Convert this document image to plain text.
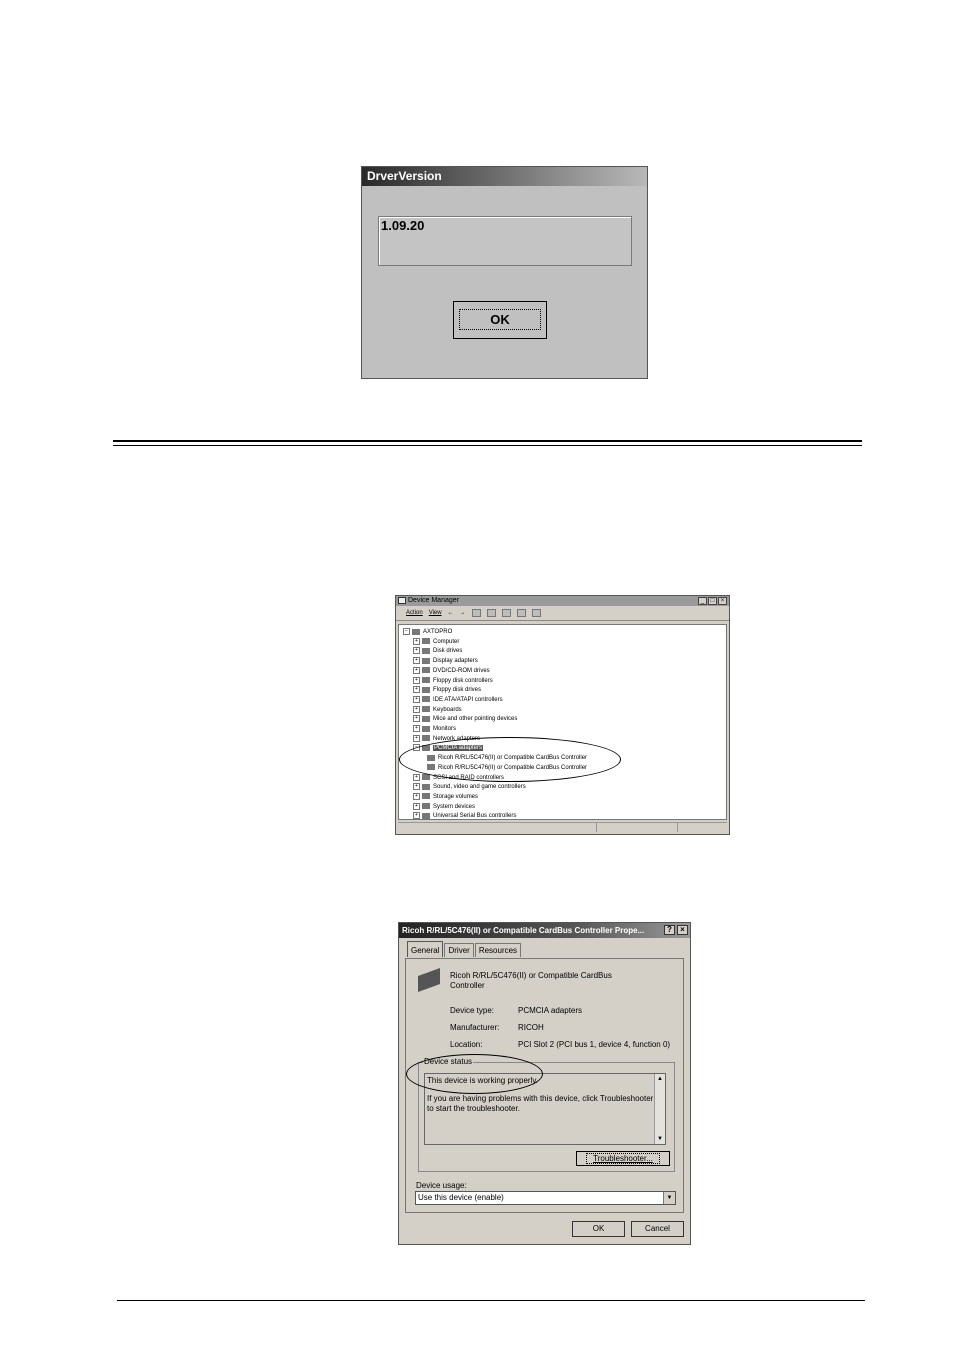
DrverVersion
1.09.20
OK
Device Manager	_	□	×
Action View ← →
−	AXTOPRO
+	Computer
+	Disk drives
+	Display adapters
+	DVD/CD-ROM drives
+	Floppy disk controllers
+	Floppy disk drives
+	IDE ATA/ATAPI controllers
+	Keyboards
+	Mice and other pointing devices
+	Monitors
+	Network adapters
−	PCMCIA adapters
Ricoh R/RL/5C476(II) or Compatible CardBus Controller
Ricoh R/RL/5C476(II) or Compatible CardBus Controller
+	SCSI and RAID controllers
+	Sound, video and game controllers
+	Storage volumes
+	System devices
+	Universal Serial Bus controllers
Ricoh R/RL/5C476(II) or Compatible CardBus Controller Prope...	?	×
General	Driver	Resources
Ricoh R/RL/5C476(II) or Compatible CardBus
Controller
Device type:	PCMCIA adapters
Manufacturer: RICOH
Location:	PCI Slot 2 (PCI bus 1, device 4, function 0)
Device status
This device is working properly.
If you are having problems with this device, click Troubleshooter to start the troubleshooter.
▲
▼
Troubleshooter...
Device usage:
Use this device (enable)	▼
OK	Cancel
